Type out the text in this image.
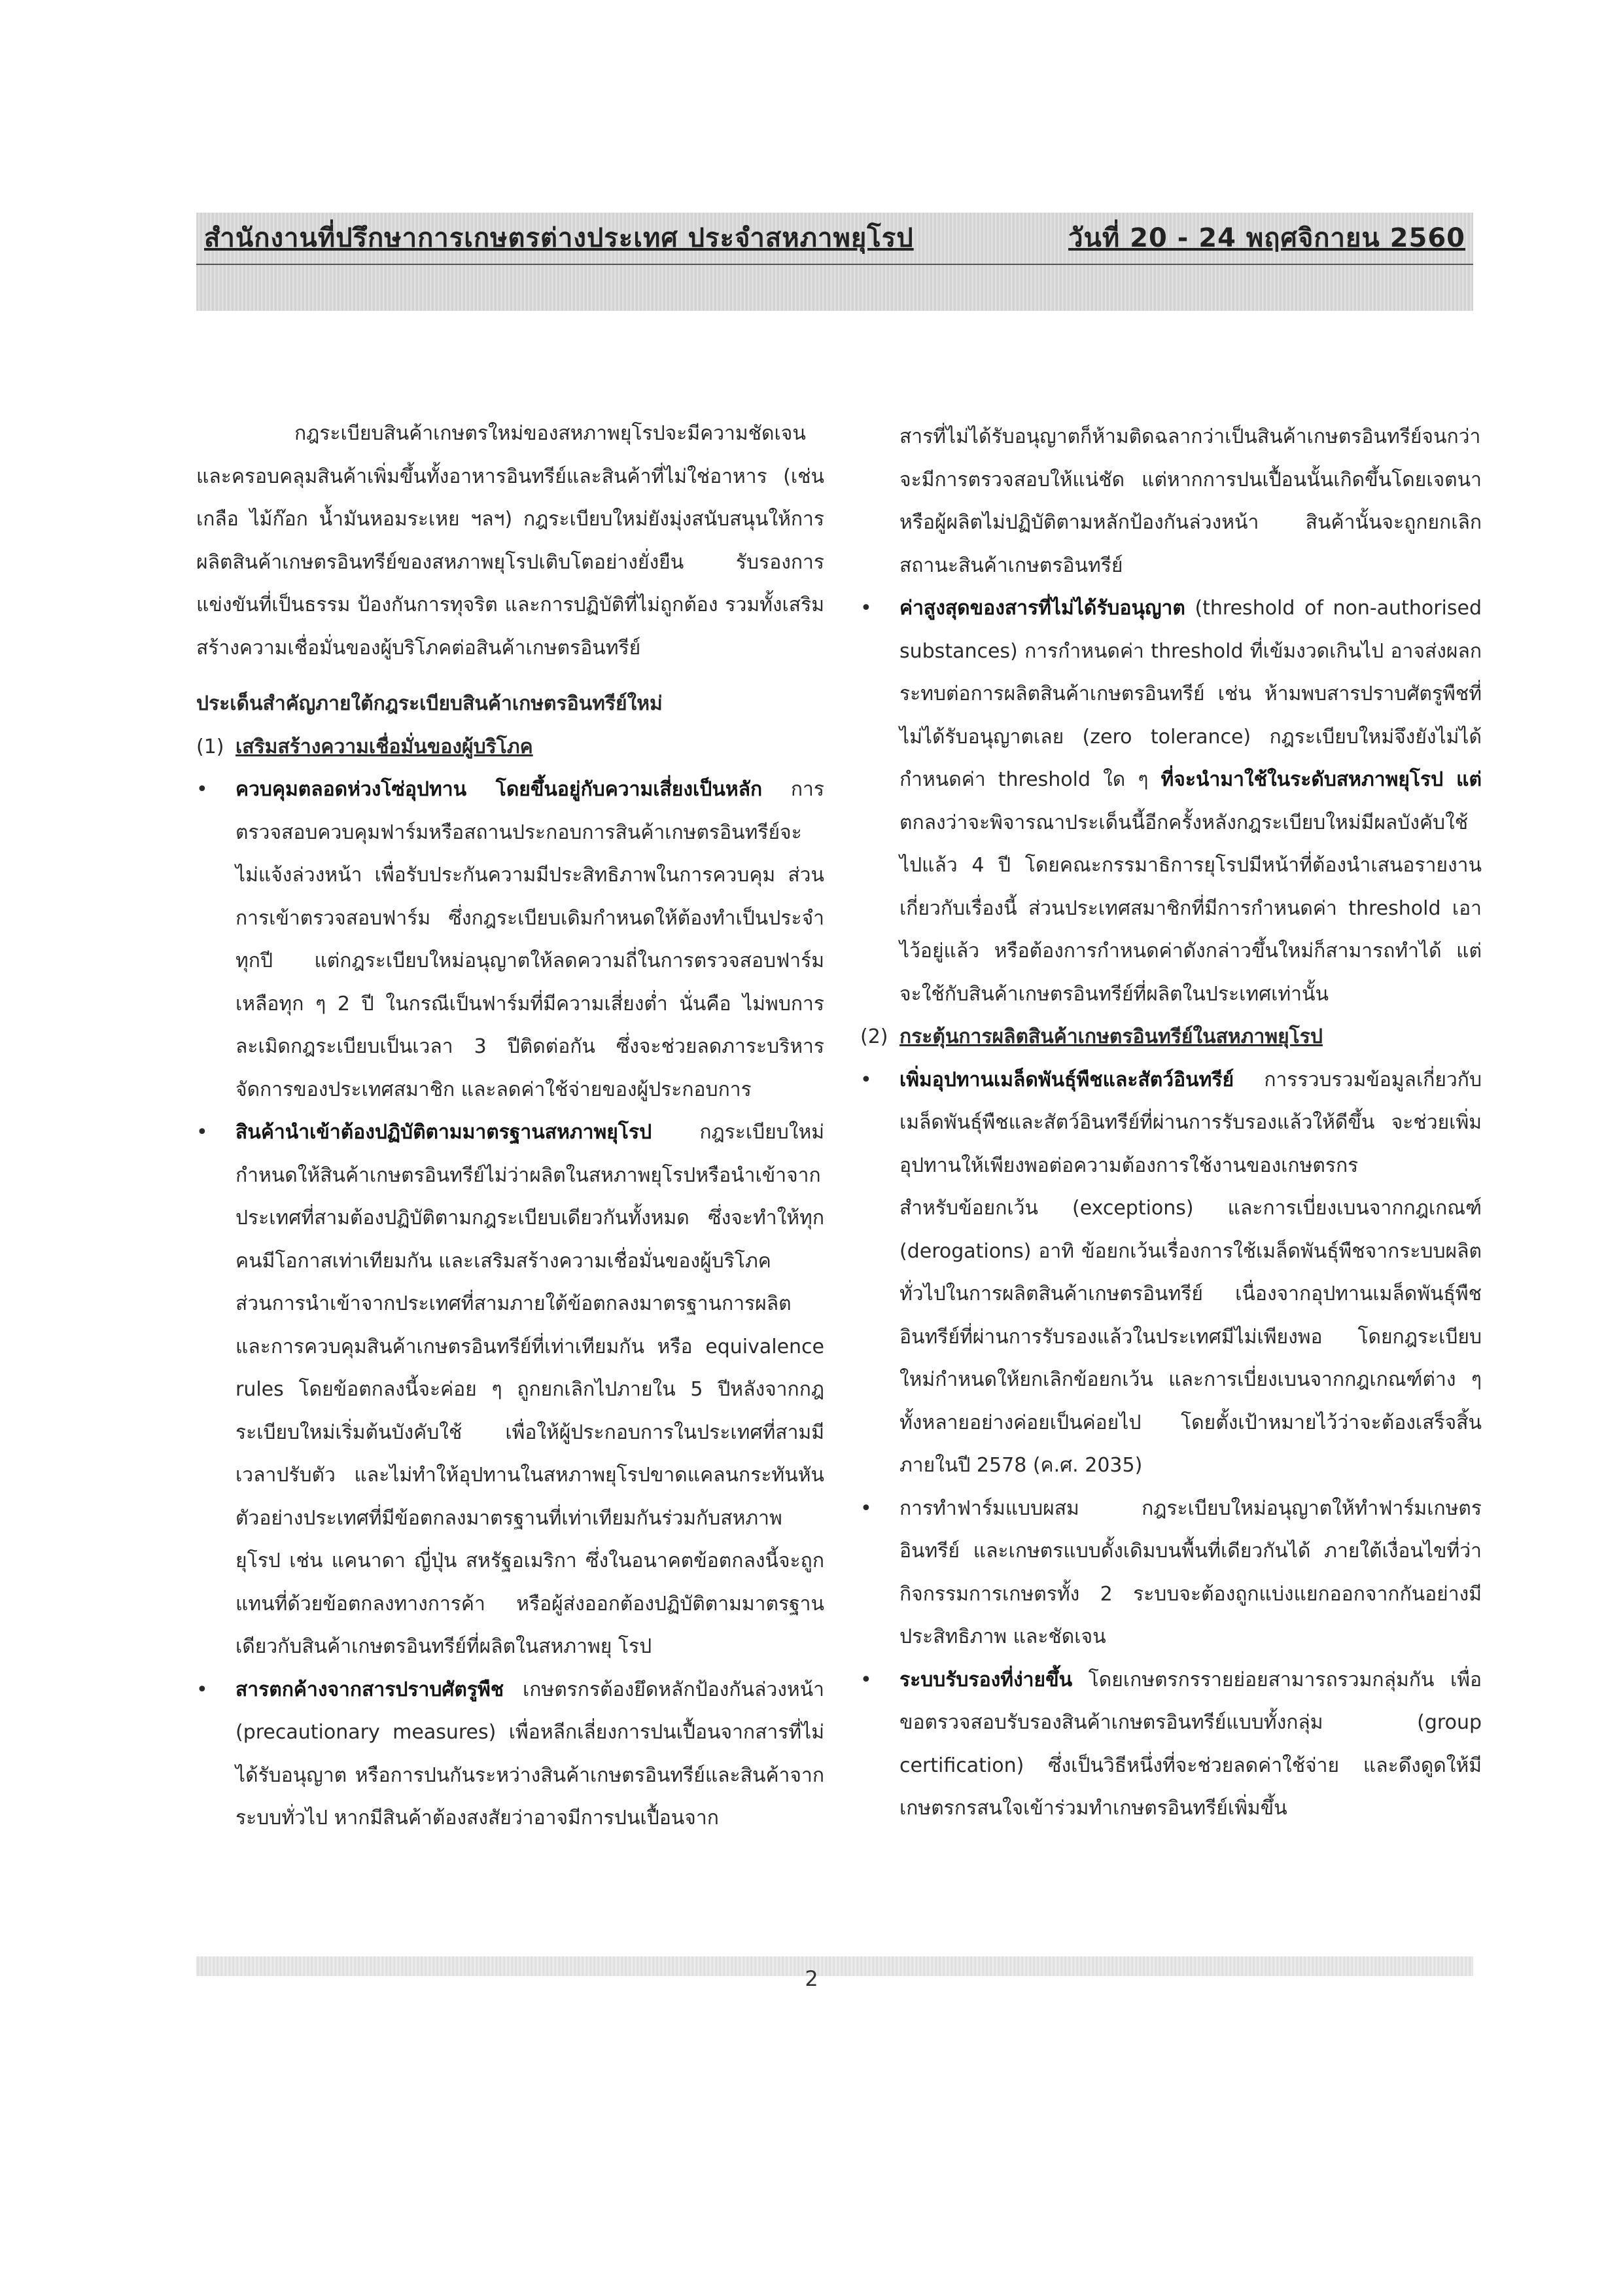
สำนักงานที่ปรึกษาการเกษตรต่างประเทศ ประจำสหภาพยุโรป	วันที่ 20 - 24 พฤศจิกายน 2560

กฎระเบียบสินค้าเกษตรใหม่ของสหภาพยุโรปจะมีความชัดเจนและครอบคลุมสินค้าเพิ่มขึ้นทั้งอาหารอินทรีย์และสินค้าที่ไม่ใช่อาหาร (เช่น เกลือ ไม้ก๊อก น้ำมันหอมระเหย ฯลฯ) กฎระเบียบใหม่ยังมุ่งสนับสนุนให้การผลิตสินค้าเกษตรอินทรีย์ของสหภาพยุโรปเติบโตอย่างยั่งยืน รับรองการแข่งขันที่เป็นธรรม ป้องกันการทุจริต และการปฏิบัติที่ไม่ถูกต้อง รวมทั้งเสริมสร้างความเชื่อมั่นของผู้บริโภคต่อสินค้าเกษตรอินทรีย์

ประเด็นสำคัญภายใต้กฎระเบียบสินค้าเกษตรอินทรีย์ใหม่

(1) เสริมสร้างความเชื่อมั่นของผู้บริโภค
•	ควบคุมตลอดห่วงโซ่อุปทาน โดยขึ้นอยู่กับความเสี่ยงเป็นหลัก การตรวจสอบควบคุมฟาร์มหรือสถานประกอบการสินค้าเกษตรอินทรีย์จะไม่แจ้งล่วงหน้า เพื่อรับประกันความมีประสิทธิภาพในการควบคุม ส่วนการเข้าตรวจสอบฟาร์ม ซึ่งกฎระเบียบเดิมกำหนดให้ต้องทำเป็นประจำทุกปี แต่กฎระเบียบใหม่อนุญาตให้ลดความถี่ในการตรวจสอบฟาร์มเหลือทุก ๆ 2 ปี ในกรณีเป็นฟาร์มที่มีความเสี่ยงต่ำ นั่นคือ ไม่พบการละเมิดกฎระเบียบเป็นเวลา 3 ปีติดต่อกัน ซึ่งจะช่วยลดภาระบริหารจัดการของประเทศสมาชิก และลดค่าใช้จ่ายของผู้ประกอบการ
•	สินค้านำเข้าต้องปฏิบัติตามมาตรฐานสหภาพยุโรป กฎระเบียบใหม่กำหนดให้สินค้าเกษตรอินทรีย์ไม่ว่าผลิตในสหภาพยุโรปหรือนำเข้าจากประเทศที่สามต้องปฏิบัติตามกฎระเบียบเดียวกันทั้งหมด ซึ่งจะทำให้ทุกคนมีโอกาสเท่าเทียมกัน และเสริมสร้างความเชื่อมั่นของผู้บริโภค

ส่วนการนำเข้าจากประเทศที่สามภายใต้ข้อตกลงมาตรฐานการผลิตและการควบคุมสินค้าเกษตรอินทรีย์ที่เท่าเทียมกัน หรือ equivalence rules โดยข้อตกลงนี้จะค่อย ๆ ถูกยกเลิกไปภายใน 5 ปีหลังจากกฎระเบียบใหม่เริ่มต้นบังคับใช้ เพื่อให้ผู้ประกอบการในประเทศที่สามมีเวลาปรับตัว และไม่ทำให้อุปทานในสหภาพยุโรปขาดแคลนกระทันหัน ตัวอย่างประเทศที่มีข้อตกลงมาตรฐานที่เท่าเทียมกันร่วมกับสหภาพยุโรป เช่น แคนาดา ญี่ปุ่น สหรัฐอเมริกา ซึ่งในอนาคตข้อตกลงนี้จะถูกแทนที่ด้วยข้อตกลงทางการค้า หรือผู้ส่งออกต้องปฏิบัติตามมาตรฐานเดียวกับสินค้าเกษตรอินทรีย์ที่ผลิตในสหภาพยุ โรป

•	สารตกค้างจากสารปราบศัตรูพืช เกษตรกรต้องยึดหลักป้องกันล่วงหน้า (precautionary measures) เพื่อหลีกเลี่ยงการปนเปื้อนจากสารที่ไม่ได้รับอนุญาต หรือการปนกันระหว่างสินค้าเกษตรอินทรีย์และสินค้าจากระบบทั่วไป หากมีสินค้าต้องสงสัยว่าอาจมีการปนเปื้อนจาก

สารที่ไม่ได้รับอนุญาตก็ห้ามติดฉลากว่าเป็นสินค้าเกษตรอินทรีย์จนกว่าจะมีการตรวจสอบให้แน่ชัด แต่หากการปนเปื้อนนั้นเกิดขึ้นโดยเจตนาหรือผู้ผลิตไม่ปฏิบัติตามหลักป้องกันล่วงหน้า สินค้านั้นจะถูกยกเลิกสถานะสินค้าเกษตรอินทรีย์

•	ค่าสูงสุดของสารที่ไม่ได้รับอนุญาต (threshold of non-authorised substances) การกำหนดค่า threshold ที่เข้มงวดเกินไป อาจส่งผลกระทบต่อการผลิตสินค้าเกษตรอินทรีย์ เช่น ห้ามพบสารปราบศัตรูพืชที่ไม่ได้รับอนุญาตเลย (zero tolerance) กฎระเบียบใหม่จึงยังไม่ได้กำหนดค่า threshold ใด ๆ ที่จะนำมาใช้ในระดับสหภาพยุโรป แต่ตกลงว่าจะพิจารณาประเด็นนี้อีกครั้งหลังกฎระเบียบใหม่มีผลบังคับใช้ไปแล้ว 4 ปี โดยคณะกรรมาธิการยุโรปมีหน้าที่ต้องนำเสนอรายงานเกี่ยวกับเรื่องนี้ ส่วนประเทศสมาชิกที่มีการกำหนดค่า threshold เอาไว้อยู่แล้ว หรือต้องการกำหนดค่าดังกล่าวขึ้นใหม่ก็สามารถทำได้ แต่จะใช้กับสินค้าเกษตรอินทรีย์ที่ผลิตในประเทศเท่านั้น
(2) กระตุ้นการผลิตสินค้าเกษตรอินทรีย์ในสหภาพยุโรป
•	เพิ่มอุปทานเมล็ดพันธุ์พืชและสัตว์อินทรีย์ การรวบรวมข้อมูลเกี่ยวกับเมล็ดพันธุ์พืชและสัตว์อินทรีย์ที่ผ่านการรับรองแล้วให้ดีขึ้น จะช่วยเพิ่มอุปทานให้เพียงพอต่อความต้องการใช้งานของเกษตรกร

สำหรับข้อยกเว้น (exceptions) และการเบี่ยงเบนจากกฎเกณฑ์ (derogations) อาทิ ข้อยกเว้นเรื่องการใช้เมล็ดพันธุ์พืชจากระบบผลิตทั่วไปในการผลิตสินค้าเกษตรอินทรีย์ เนื่องจากอุปทานเมล็ดพันธุ์พืชอินทรีย์ที่ผ่านการรับรองแล้วในประเทศมีไม่เพียงพอ โดยกฎระเบียบใหม่กำหนดให้ยกเลิกข้อยกเว้น และการเบี่ยงเบนจากกฎเกณฑ์ต่าง ๆ ทั้งหลายอย่างค่อยเป็นค่อยไป โดยตั้งเป้าหมายไว้ว่าจะต้องเสร็จสิ้นภายในปี 2578 (ค.ศ. 2035)

•	การทำฟาร์มแบบผสม กฎระเบียบใหม่อนุญาตให้ทำฟาร์มเกษตรอินทรีย์ และเกษตรแบบดั้งเดิมบนพื้นที่เดียวกันได้ ภายใต้เงื่อนไขที่ว่ากิจกรรมการเกษตรทั้ง 2 ระบบจะต้องถูกแบ่งแยกออกจากกันอย่างมีประสิทธิภาพ และชัดเจน
•	ระบบรับรองที่ง่ายขึ้น โดยเกษตรกรรายย่อยสามารถรวมกลุ่มกัน เพื่อขอตรวจสอบรับรองสินค้าเกษตรอินทรีย์แบบทั้งกลุ่ม (group certification) ซึ่งเป็นวิธีหนึ่งที่จะช่วยลดค่าใช้จ่าย และดึงดูดให้มีเกษตรกรสนใจเข้าร่วมทำเกษตรอินทรีย์เพิ่มขึ้น
2
